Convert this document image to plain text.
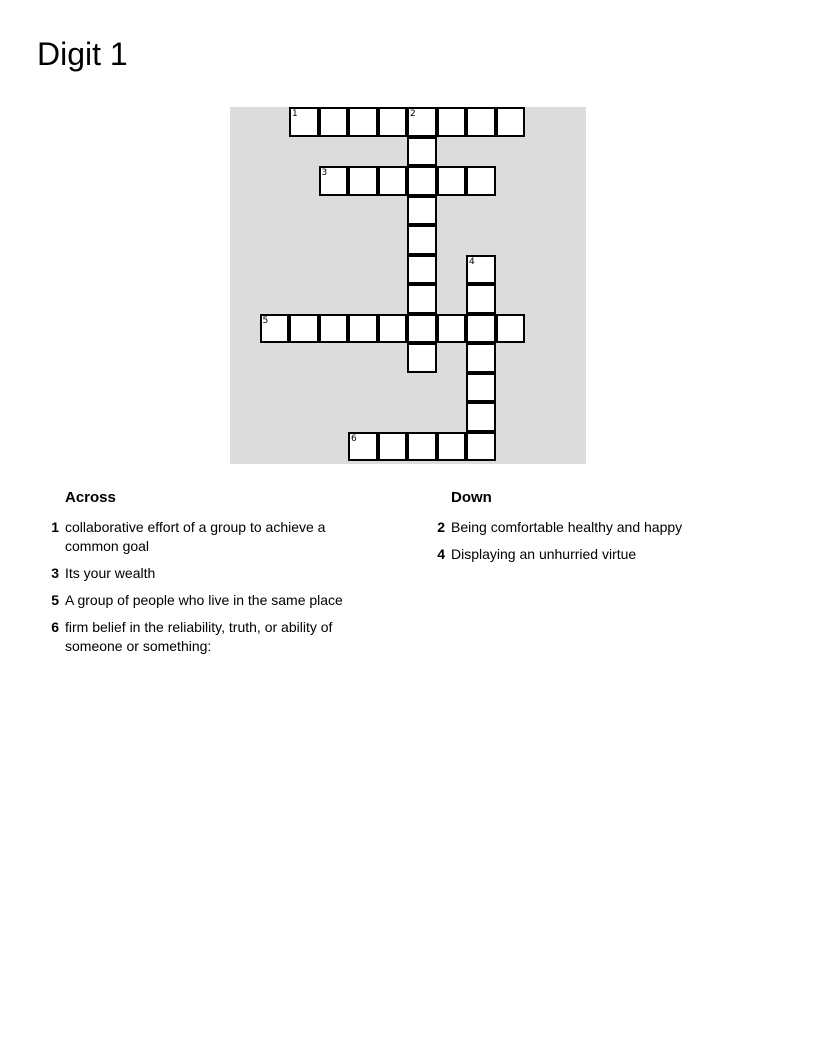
Digit 1
1	2
3
4
5
6
Across
1 collaborative effort of a group to achieve a common goal
3 Its your wealth
5 A group of people who live in the same place
6 firm belief in the reliability, truth, or ability of someone or something:
Down
2 Being comfortable healthy and happy
4 Displaying an unhurried virtue
